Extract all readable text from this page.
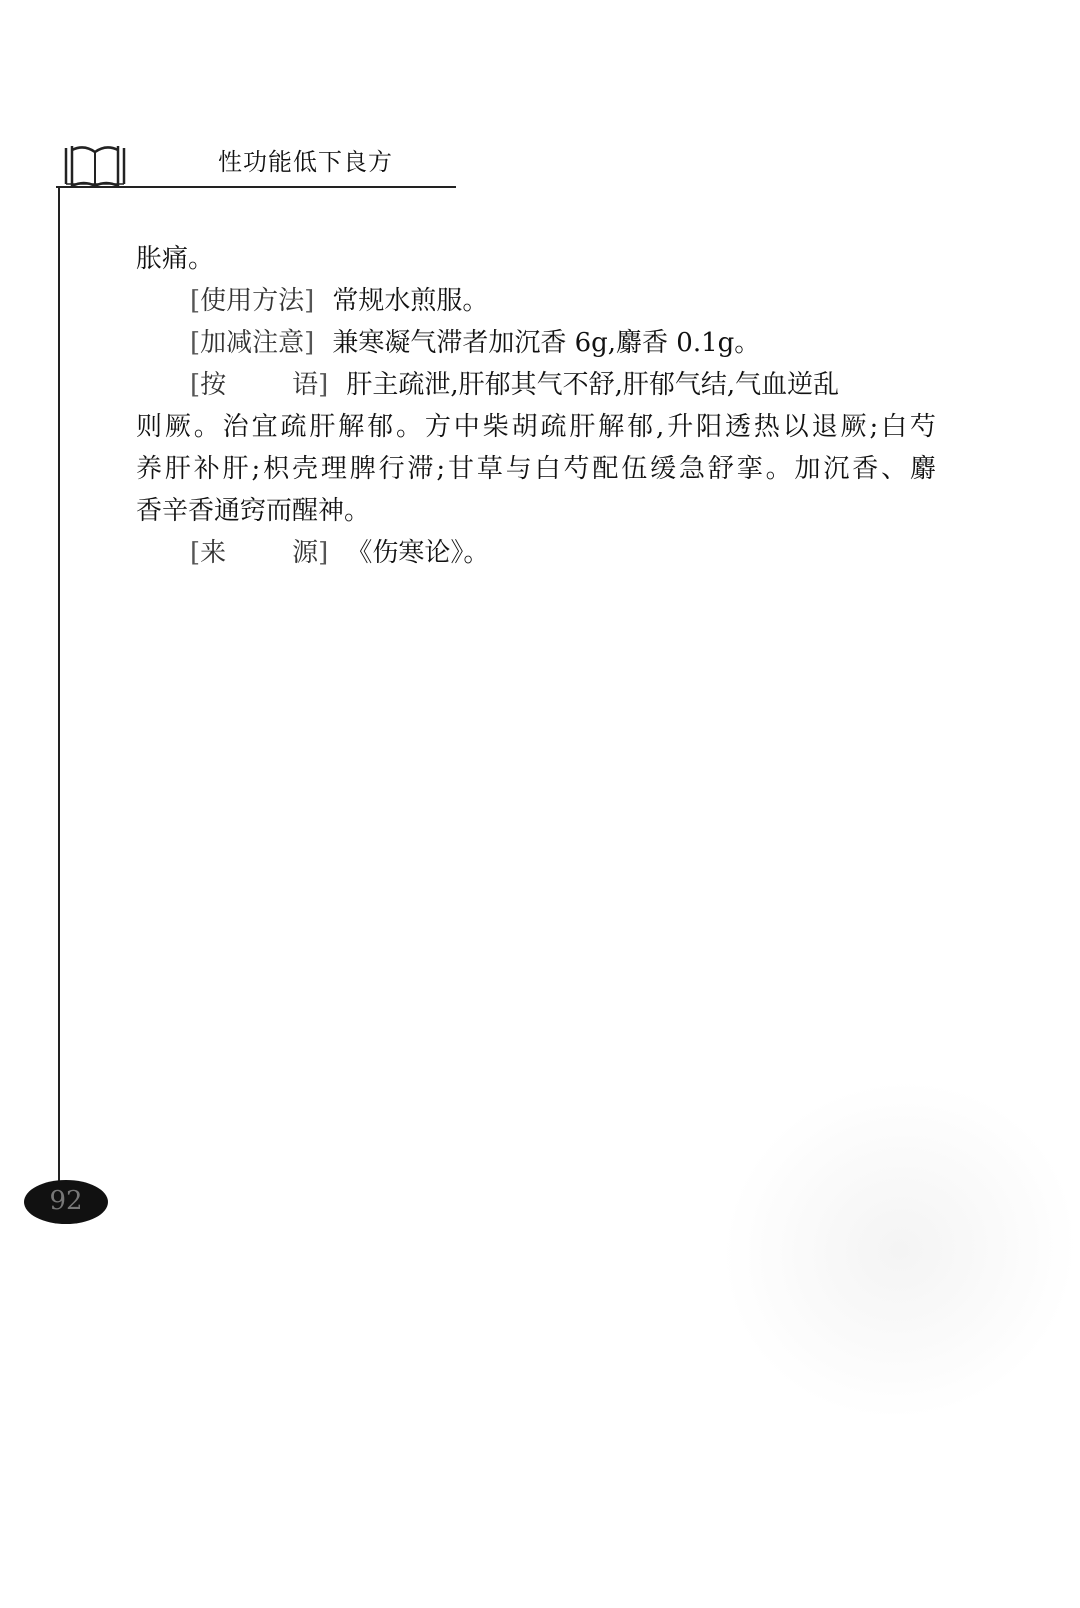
性功能低下良方
92
胀痛。
[使用方法] 常规水煎服。
[加减注意] 兼寒凝气滞者加沉香 6g,麝香 0.1g。
[按 语] 肝主疏泄,肝郁其气不舒,肝郁气结,气血逆乱
则厥。治宜疏肝解郁。方中柴胡疏肝解郁,升阳透热以退厥;白芍
养肝补肝;枳壳理脾行滞;甘草与白芍配伍缓急舒挛。加沉香、麝
香辛香通窍而醒神。
[来 源] 《伤寒论》。
